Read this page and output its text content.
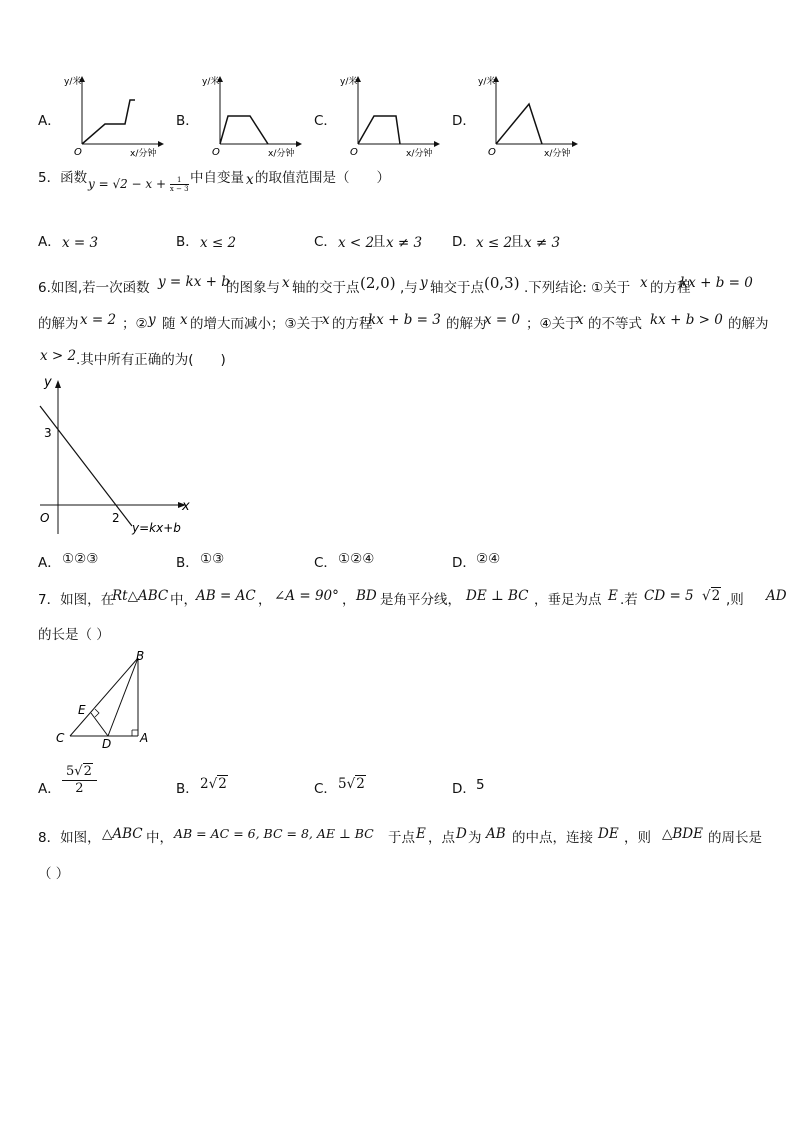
A．
y/米
O	x/分钟
B．
y/米
O	x/分钟
C．
y/米
O	x/分钟
D．
y/米
O	x/分钟
5．函数 $y = √2 - x + \frac{1}{x - 3}$ 中自变量 x 的取值范围是（　　）
A． x = 3	B． x ≤ 2	C． x < 2
且 x ≠ 3 D． x ≤ 2
且 x ≠ 3
6.如图,若一次函数 y = kx + b
的图象与 x 轴的交于点 (2,0) ,与 y 轴交于点 (0,3) .下列结论: ①关于 x 的方程
kx + b = 0
的解为 x = 2 ；② y 随 x 的增大而减小；③关于
x 的方程
kx + b = 3 的解为
x = 0 ；④关于
x 的不等式 kx + b > 0 的解为
x > 2 .其中所有正确的为(　　)
y
x
3
O	2
y=kx+b
A． ①②③	B． ①③	C． ①②④	D． ②④
7．如图，在
Rt△ABC 中， AB = AC ， ∠A = 90° ， BD 是角平分线， DE ⊥ BC ，垂足为点 E .若 CD = 5 √2 ,则 AD
的长是（ ）
B
E
C	D A
A． $\frac{5√2}{2}$	B． 2√2	C． 5√2	D． 5
8．如图， △ABC 中， AB = AC = 6, BC = 8, AE ⊥ BC 于点 E ，点 D 为 AB 的中点，连接 DE ，则 △BDE 的周长是
（ ）
